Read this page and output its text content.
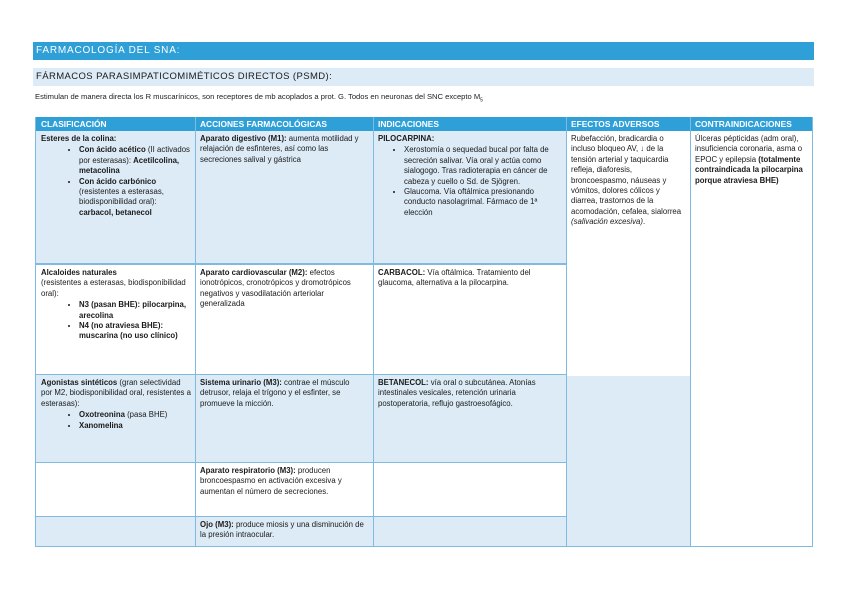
FARMACOLOGÍA DEL SNA:
FÁRMACOS PARASIMPATICOMIMÉTICOS DIRECTOS (PSMD):
Estimulan de manera directa los R muscarínicos, son receptores de mb acoplados a prot. G. Todos en neuronas del SNC excepto $M_5$
CLASIFICACIÓN
Esteres de la colina:
• Con ácido acético (II activados por esterasas): Acetilcolina, metacolina
• Con ácido carbónico (resistentes a esterasas, biodisponibilidad oral): carbacol, betanecol
Alcaloides naturales
(resistentes a esterasas, biodisponibilidad oral):
• N3 (pasan BHE): pilocarpina, arecolina
• N4 (no atraviesa BHE): muscarina (no uso clínico)
Agonistas sintéticos (gran selectividad por M2, biodisponibilidad oral, resistentes a esterasas):
• Oxotreonina (pasa BHE)
• Xanomelina
ACCIONES FARMACOLÓGICAS
Aparato digestivo (M1): aumenta motilidad y relajación de esfinteres, así como las secreciones salival y gástrica
Aparato cardiovascular (M2): efectos ionotrópicos, cronotrópicos y dromotrópicos negativos y vasodilatación arteriolar generalizada
Sistema urinario (M3): contrae el músculo detrusor, relaja el trígono y el esfinter, se promueve la micción.
Aparato respiratorio (M3): producen broncoespasmo en activación excesiva y aumentan el número de secreciones.
Ojo (M3): produce miosis y una disminución de la presión intraocular.
INDICACIONES
PILOCARPINA:
• Xerostomía o sequedad bucal por falta de secreción salivar. Vía oral y actúa como sialogogo. Tras radioterapia en cáncer de cabeza y cuello o Sd. de Sjögren.
• Glaucoma. Vía oftálmica presionando conducto nasolagrimal. Fármaco de 1ª elección
CARBACOL: Vía oftálmica. Tratamiento del glaucoma, alternativa a la pilocarpina.
BETANECOL: vía oral o subcutánea. Atonías intestinales vesicales, retención urinaria postoperatoria, reflujo gastroesofágico.
EFECTOS ADVERSOS
Rubefacción, bradicardia o incluso bloqueo AV, ↓ de la tensión arterial y taquicardia refleja, diaforesis, broncoespasmo, náuseas y vómitos, dolores cólicos y diarrea, trastornos de la acomodación, cefalea, sialorrea (salivación excesiva).
CONTRAINDICACIONES
Úlceras pépticidas (adm oral), insuficiencia coronaria, asma o EPOC y epilepsia (totalmente contraindicada la pilocarpina porque atraviesa BHE)
